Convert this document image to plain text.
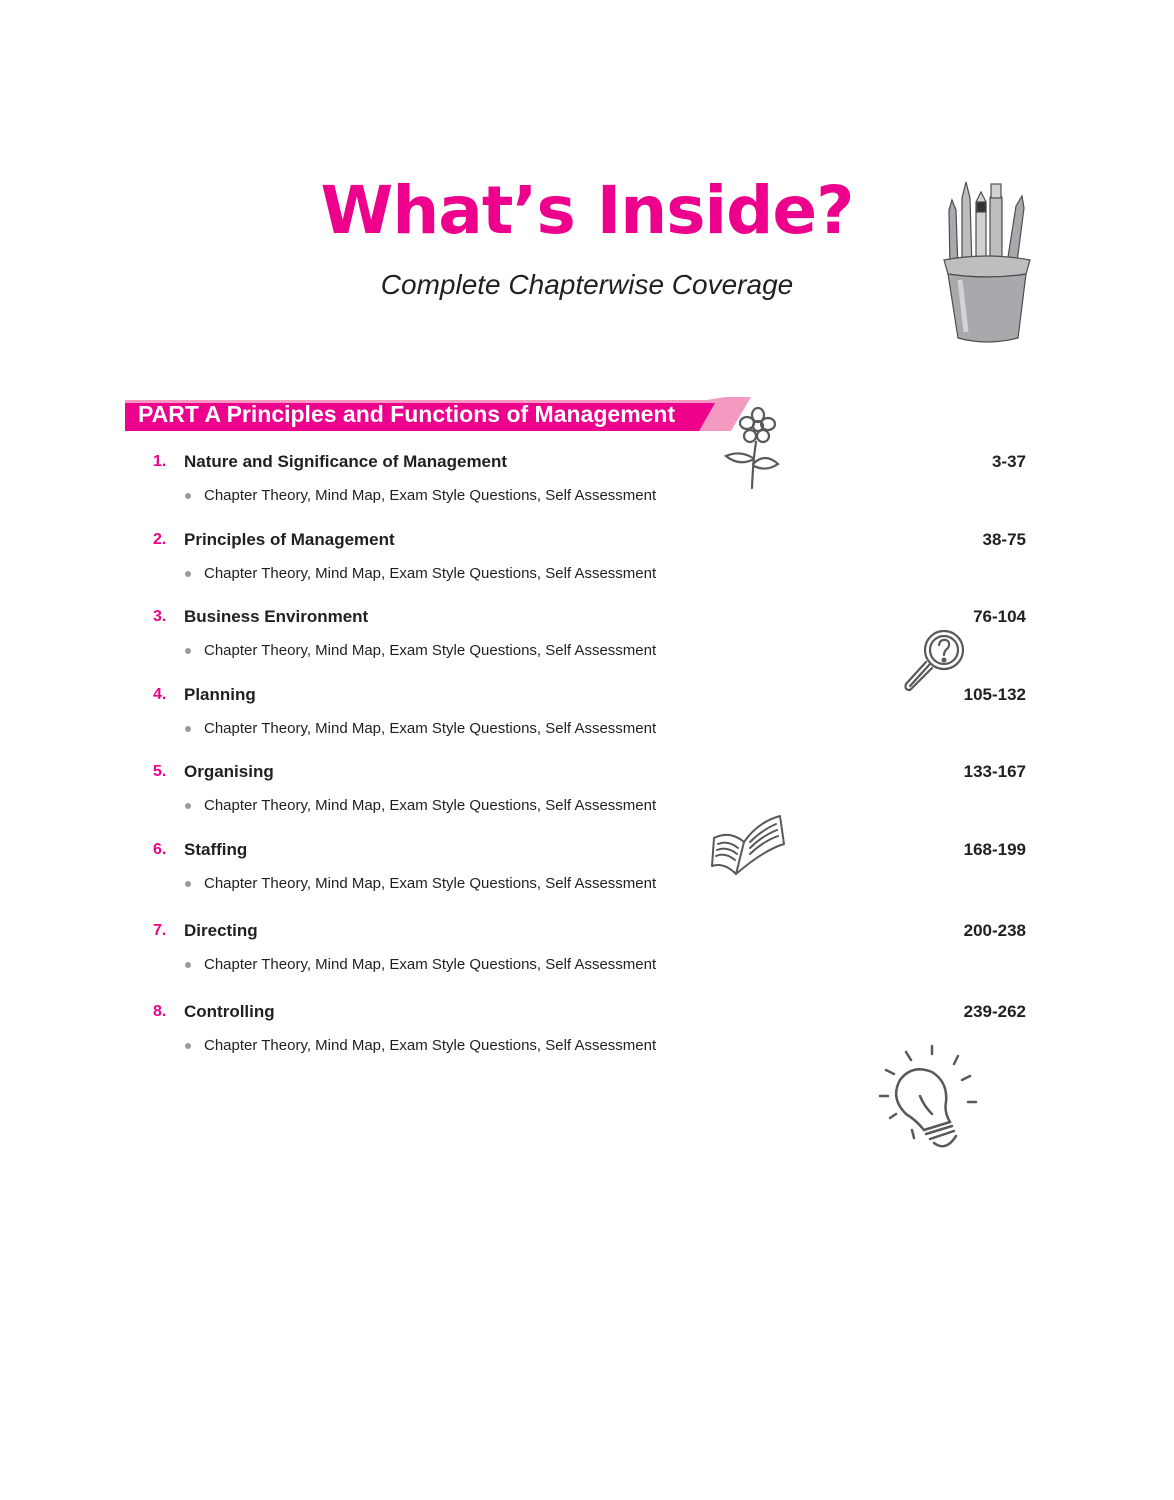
What’s Inside?
Complete Chapterwise Coverage
PART A Principles and Functions of Management
1. Nature and Significance of Management	3-37
Chapter Theory, Mind Map, Exam Style Questions, Self Assessment
2. Principles of Management	38-75
Chapter Theory, Mind Map, Exam Style Questions, Self Assessment
3. Business Environment	76-104
Chapter Theory, Mind Map, Exam Style Questions, Self Assessment
4. Planning	105-132
Chapter Theory, Mind Map, Exam Style Questions, Self Assessment
5. Organising	133-167
Chapter Theory, Mind Map, Exam Style Questions, Self Assessment
6. Staffing	168-199
Chapter Theory, Mind Map, Exam Style Questions, Self Assessment
7. Directing	200-238
Chapter Theory, Mind Map, Exam Style Questions, Self Assessment
8. Controlling	239-262
Chapter Theory, Mind Map, Exam Style Questions, Self Assessment
